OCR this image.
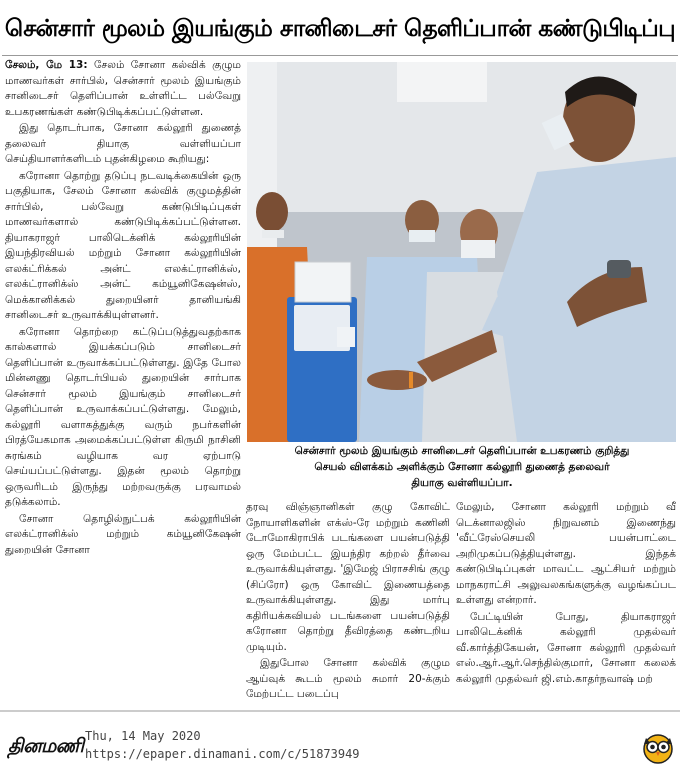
சென்சார் மூலம் இயங்கும் சானிடைசர் தெளிப்பான் கண்டுபிடிப்பு

சேலம், மே 13: சேலம் சோனா கல்விக் குழும மாணவர்கள் சார்பில், சென்சார் மூலம் இயங்கும் சானிடைசர் தெளிப்பான் உள்ளிட்ட பல்வேறு உபகரணங்கள் கண்டுபிடிக்கப்பட்டுள்ளன.

இது தொடர்பாக, சோனா கல்லூரி துணைத் தலைவர் தியாகு வள்ளியப்பா செய்தியாளர்களிடம் புதன்கிழமை கூறியது:

கரோனா தொற்று தடுப்பு நடவடிக்கையின் ஒரு பகுதியாக, சேலம் சோனா கல்விக் குழுமத்தின் சார்பில், பல்வேறு கண்டுபிடிப்புகள் மாணவர்களால் கண்டுபிடிக்கப்பட்டுள்ளன. தியாகராஜர் பாலிடெக்னிக் கல்லூரியின் இயந்திரவியல் மற்றும் சோனா கல்லூரியின் எலக்ட்ரிக்கல் அன்ட் எலக்ட்ரானிக்ஸ், எலக்ட்ரானிக்ஸ் அன்ட் கம்யூனிகேஷன்ஸ், மெக்கானிக்கல் துறையினர் தானியங்கி சானிடைசர் உருவாக்கியுள்ளனர்.

கரோனா தொற்றை கட்டுப்படுத்துவதற்காக கால்களால் இயக்கப்படும் சானிடைசர் தெளிப்பான் உருவாக்கப்பட்டுள்ளது. இதே போல மின்னணு தொடர்பியல் துறையின் சார்பாக சென்சார் மூலம் இயங்கும் சானிடைசர் தெளிப்பான் உருவாக்கப்பட்டுள்ளது. மேலும், கல்லூரி வளாகத்துக்கு வரும் நபர்களின் பிரத்யேகமாக அமைக்கப்பட்டுள்ள கிருமி நாசினி சுரங்கம் வழியாக வர ஏற்பாடு செய்யப்பட்டுள்ளது. இதன் மூலம் தொற்று ஒருவரிடம் இருந்து மற்றவருக்கு பரவாமல் தடுக்கலாம்.

சோனா தொழில்நுட்பக் கல்லூரியின் எலக்ட்ரானிக்ஸ் மற்றும் கம்யூனிகேஷன் துறையின் சோனா

சென்சார் மூலம் இயங்கும் சானிடைசர் தெளிப்பான் உபகரணம் குறித்து
செயல் விளக்கம் அளிக்கும் சோனா கல்லூரி துணைத் தலைவர்
தியாகு வள்ளியப்பா.

தரவு விஞ்ஞானிகள் குழு கோவிட் நோயாளிகளின் எக்ஸ்-ரே மற்றும் கணினி டோமோகிராபிக் படங்களை பயன்படுத்தி ஒரு மேம்பட்ட இயந்திர கற்றல் தீர்வை உருவாக்கியுள்ளது. 'இமேஜ் பிராசசிங் குழு (சிப்ரோ) ஒரு கோவிட் இணையத்தை உருவாக்கியுள்ளது. இது மார்பு கதிரியக்கவியல் படங்களை பயன்படுத்தி கரோனா தொற்று தீவிரத்தை கண்டறிய முடியும்.

இதுபோல சோனா கல்விக் குழும ஆய்வுக் கூடம் மூலம் சுமார் 20-க்கும் மேற்பட்ட படைப்பு

மேலும், சோனா கல்லூரி மற்றும் வீ டெக்னாலஜிஸ் நிறுவனம் இணைந்து 'வீட்ரேஸ்செயலி பயன்பாட்டை அறிமுகப்படுத்தியுள்ளது. இந்தக் கண்டுபிடிப்புகள் மாவட்ட ஆட்சியர் மற்றும் மாநகராட்சி அலுவலகங்களுக்கு வழங்கப்பட உள்ளது என்றார்.

பேட்டியின் போது, தியாகராஜர் பாலிடெக்னிக் கல்லூரி முதல்வர் வீ.கார்த்திகேயன், சோனா கல்லூரி முதல்வர் எஸ்.ஆர்.ஆர்.செந்தில்குமார், சோனா கலைக் கல்லூரி முதல்வர் ஜி.எம்.காதர்நவாஷ் மற்

தினமணி Thu, 14 May 2020
https://epaper.dinamani.com/c/51873949
